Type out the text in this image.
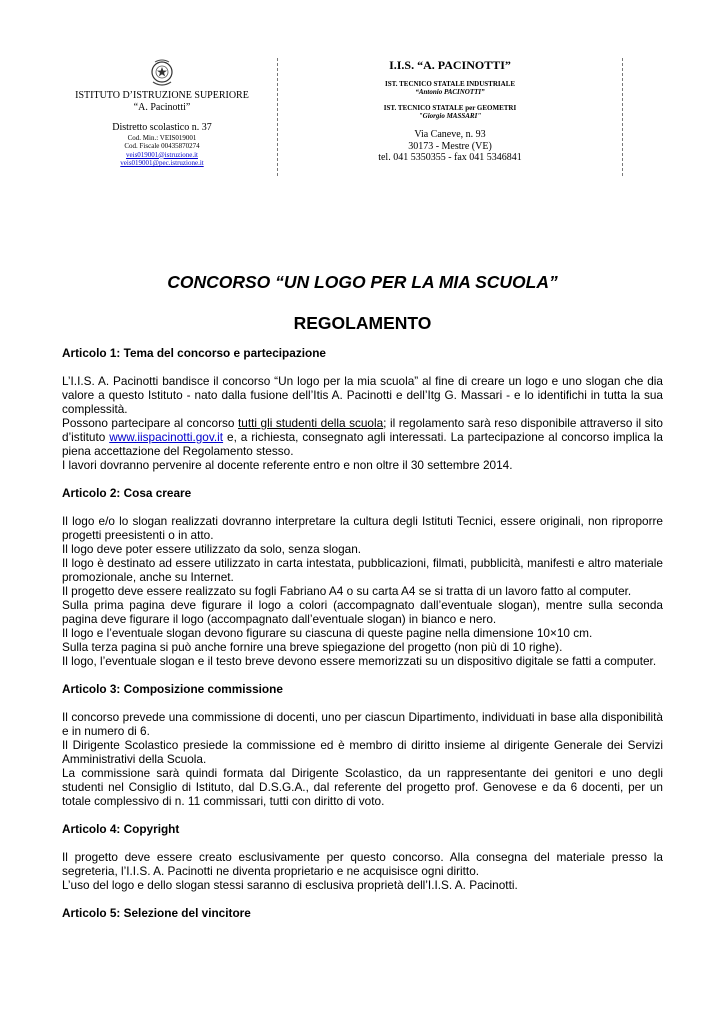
ISTITUTO D’ISTRUZIONE SUPERIORE
“A. Pacinotti”
Distretto scolastico n. 37
Cod. Min.: VEIS019001
Cod. Fiscale 00435870274
veis019001@istruzione.it
veis019001@pec.istruzione.it
I.I.S. “A. PACINOTTI”
IST. TECNICO STATALE INDUSTRIALE
“Antonio PACINOTTI”
IST. TECNICO STATALE per GEOMETRI
"Giorgio MASSARI"
Via Caneve, n. 93
30173 - Mestre (VE)
tel. 041 5350355 - fax 041 5346841
CONCORSO “UN LOGO PER LA MIA SCUOLA”
REGOLAMENTO
Articolo 1: Tema del concorso e partecipazione

L’I.I.S. A. Pacinotti bandisce il concorso “Un logo per la mia scuola” al fine di creare un logo e uno slogan che dia valore a questo Istituto - nato dalla fusione dell’Itis A. Pacinotti e dell’Itg G. Massari - e lo identifichi in tutta la sua complessità.

Possono partecipare al concorso tutti gli studenti della scuola; il regolamento sarà reso disponibile attraverso il sito d’istituto www.iispacinotti.gov.it e, a richiesta, consegnato agli interessati. La partecipazione al concorso implica la piena accettazione del Regolamento stesso.

I lavori dovranno pervenire al docente referente entro e non oltre il 30 settembre 2014.

Articolo 2: Cosa creare

Il logo e/o lo slogan realizzati dovranno interpretare la cultura degli Istituti Tecnici, essere originali, non riproporre progetti preesistenti o in atto.

Il logo deve poter essere utilizzato da solo, senza slogan.

Il logo è destinato ad essere utilizzato in carta intestata, pubblicazioni, filmati, pubblicità, manifesti e altro materiale promozionale, anche su Internet.

Il progetto deve essere realizzato su fogli Fabriano A4 o su carta A4 se si tratta di un lavoro fatto al computer.

Sulla prima pagina deve figurare il logo a colori (accompagnato dall’eventuale slogan), mentre sulla seconda pagina deve figurare il logo (accompagnato dall’eventuale slogan) in bianco e nero.

Il logo e l’eventuale slogan devono figurare su ciascuna di queste pagine nella dimensione 10×10 cm.

Sulla terza pagina si può anche fornire una breve spiegazione del progetto (non più di 10 righe).

Il logo, l’eventuale slogan e il testo breve devono essere memorizzati su un dispositivo digitale se fatti a computer.

Articolo 3: Composizione commissione

Il concorso prevede una commissione di docenti, uno per ciascun Dipartimento, individuati in base alla disponibilità e in numero di 6.

Il Dirigente Scolastico presiede la commissione ed è membro di diritto insieme al dirigente Generale dei Servizi Amministrativi della Scuola.

La commissione sarà quindi formata dal Dirigente Scolastico, da un rappresentante dei genitori e uno degli studenti nel Consiglio di Istituto, dal D.S.G.A., dal referente del progetto prof. Genovese e da 6 docenti, per un totale complessivo di n. 11 commissari, tutti con diritto di voto.

Articolo 4: Copyright

Il progetto deve essere creato esclusivamente per questo concorso. Alla consegna del materiale presso la segreteria, l’I.I.S. A. Pacinotti ne diventa proprietario e ne acquisisce ogni diritto.

L’uso del logo e dello slogan stessi saranno di esclusiva proprietà dell’I.I.S. A. Pacinotti.

Articolo 5: Selezione del vincitore
